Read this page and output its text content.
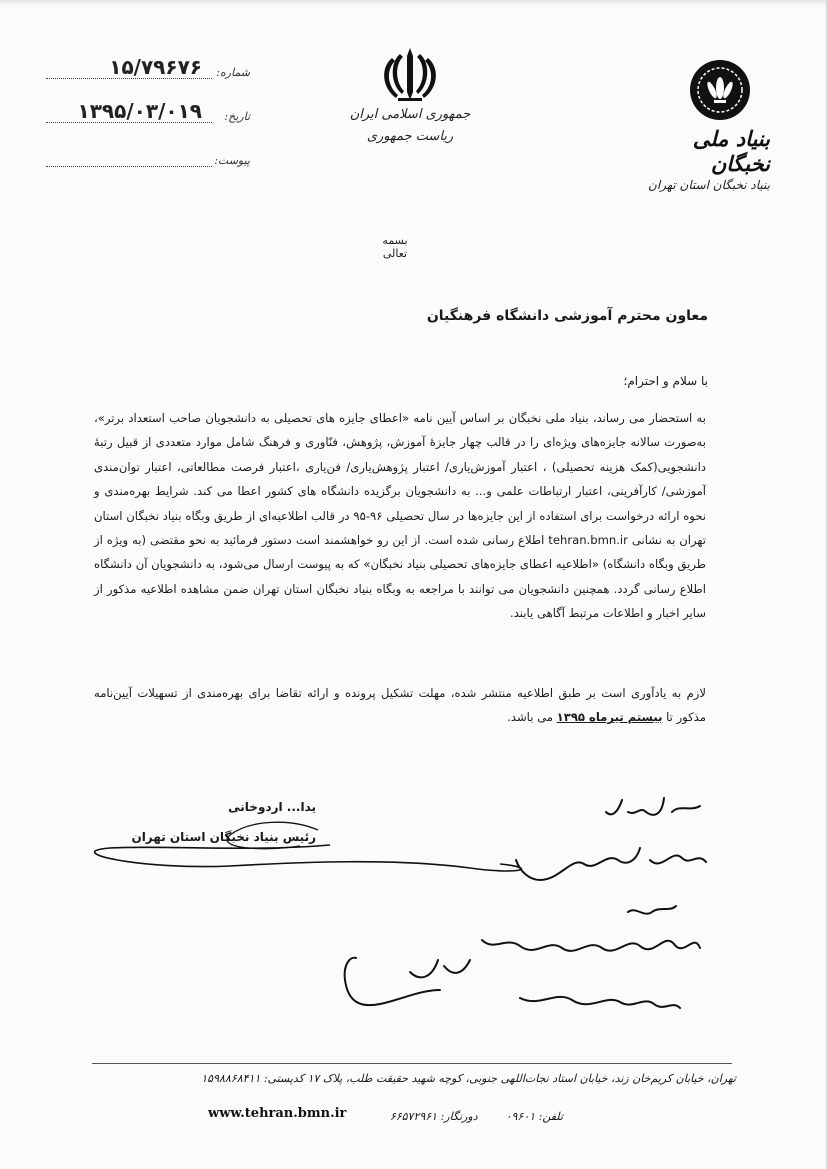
شماره:
۱۵/۷۹۶۷۶
تاریخ:
۱۳۹۵/۰۳/۰۱۹
پیوست:
جمهوری اسلامی ایران
ریاست جمهوری	بنیاد ملی نخبگان
بنیاد نخبگان استان تهران
بسمه تعالی
معاون محترم آموزشی دانشگاه فرهنگیان
با سلام و احترام؛
به استحضار می رساند، بنیاد ملی نخبگان بر اساس آیین نامه «اعطای جایزه های تحصیلی به دانشجویان صاحب استعداد برتر»، به‌صورت سالانه جایزه‌های ویژه‌ای را در قالب چهار جایزهٔ آموزش، پژوهش، فنّاوری و فرهنگ شامل موارد متعددی از قبیل رتبهٔ دانشجویی(کمک هزینه تحصیلی) ، اعتبار آموزش‌یاری/ اعتبار پژوهش‌یاری/ فن‌یاری ،اعتبار فرصت مطالعاتی، اعتبار توان‌مندی آموزشی/ کارآفرینی، اعتبار ارتباطات علمی و... به دانشجویان برگزیده دانشگاه های کشور اعطا می کند. شرایط بهره‌مندی و نحوه ارائه درخواست برای استفاده از این جایزه‌ها در سال تحصیلی ۹۶-۹۵ در قالب اطلاعیه‌ای از طریق وبگاه بنیاد نخبگان استان تهران به نشانی tehran.bmn.ir اطلاع رسانی شده است. از این رو خواهشمند است دستور فرمائید به نحو مقتضی (به ویژه از طریق وبگاه دانشگاه) «اطلاعیه اعطای جایزه‌های تحصیلی بنیاد نخبگان» که به پیوست ارسال می‌شود، به دانشجویان آن دانشگاه اطلاع رسانی گردد. همچنین دانشجویان می توانند با مراجعه به وبگاه بنیاد نخبگان استان تهران ضمن مشاهده اطلاعیه مذکور از سایر اخبار و اطلاعات مرتبط آگاهی یابند.
لازم به یادآوری است بر طبق اطلاعیه منتشر شده، مهلت تشکیل پرونده و ارائه تقاضا برای بهره‌مندی از تسهیلات آیین‌نامه مذکور تا بیستم تیرماه ۱۳۹۵ می باشد.
یدا... اردوخانی
رئیس بنیاد نخبگان استان تهران
تهران، خیابان کریم‌خان زند، خیابان استاد نجات‌اللهی جنوبی، کوچه شهید حقیقت طلب، پلاک ۱۷ کدپستی: ۱۵۹۸۸۶۸۴۱۱
تلفن: ۰۹۶۰۱        دورنگار: ۶۶۵۷۲۹۶۱
www.tehran.bmn.ir
